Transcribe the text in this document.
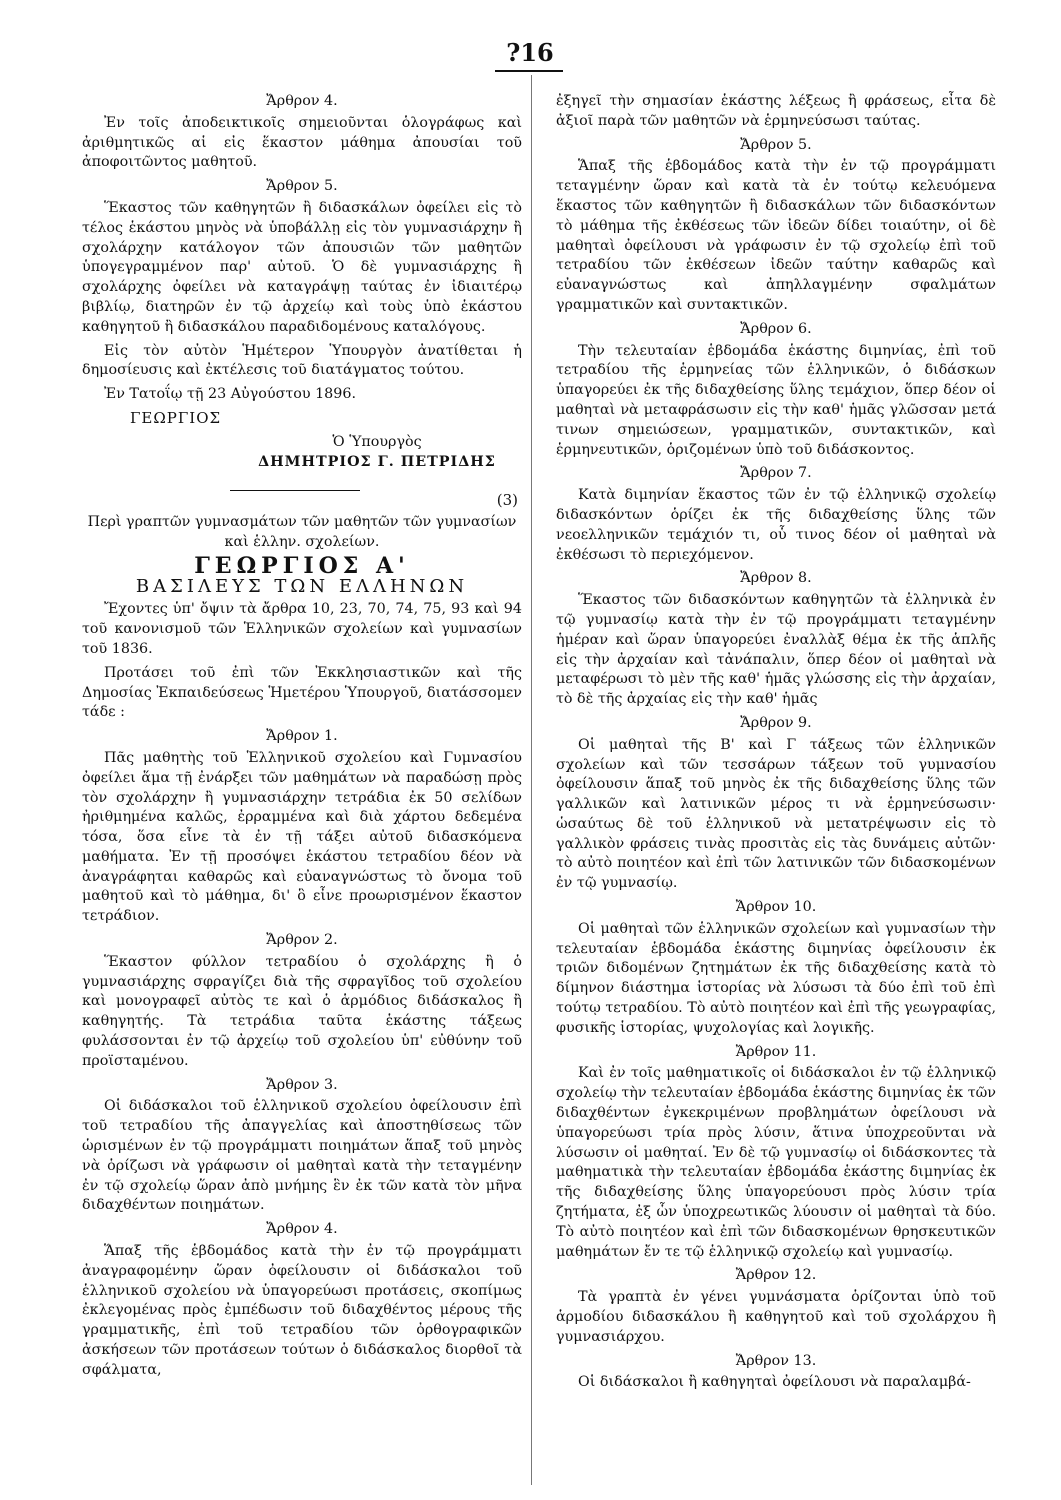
?16
Ἄρθρον 4.

Ἐν τοῖς ἀποδεικτικοῖς σημειοῦνται ὁλογράφως καὶ ἀριθμητικῶς αἱ εἰς ἕκαστον μάθημα ἀπουσίαι τοῦ ἀποφοιτῶντος μαθητοῦ.

Ἄρθρον 5.

Ἕκαστος τῶν καθηγητῶν ἢ διδασκάλων ὀφείλει εἰς τὸ τέλος ἑκάστου μηνὸς νὰ ὑποβάλλῃ εἰς τὸν γυμνασιάρχην ἢ σχολάρχην κατάλογον τῶν ἀπουσιῶν τῶν μαθητῶν ὑπογεγραμμένον παρ' αὐτοῦ. Ὁ δὲ γυμνασιάρχης ἢ σχολάρχης ὀφείλει νὰ καταγράψῃ ταύτας ἐν ἰδιαιτέρῳ βιβλίῳ, διατηρῶν ἐν τῷ ἀρχείῳ καὶ τοὺς ὑπὸ ἑκάστου καθηγητοῦ ἢ διδασκάλου παραδιδομένους καταλόγους.

Εἰς τὸν αὐτὸν Ἡμέτερον Ὑπουργὸν ἀνατίθεται ἡ δημοσίευσις καὶ ἐκτέλεσις τοῦ διατάγματος τούτου.

Ἐν Τατοΐῳ τῇ 23 Αὐγούστου 1896.

ΓΕΩΡΓΙΟΣ
Ὁ Ὑπουργὸς
ΔΗΜΗΤΡΙΟΣ Γ. ΠΕΤΡΙΔΗΣ
(3)
Περὶ γραπτῶν γυμνασμάτων τῶν μαθητῶν τῶν γυμνασίων καὶ ἑλλην. σχολείων.
ΓΕΩΡΓΙΟΣ Α'
ΒΑΣΙΛΕΥΣ ΤΩΝ ΕΛΛΗΝΩΝ

Ἔχοντες ὑπ' ὄψιν τὰ ἄρθρα 10, 23, 70, 74, 75, 93 καὶ 94 τοῦ κανονισμοῦ τῶν Ἑλληνικῶν σχολείων καὶ γυμνασίων τοῦ 1836.

Προτάσει τοῦ ἐπὶ τῶν Ἐκκλησιαστικῶν καὶ τῆς Δημοσίας Ἐκπαιδεύσεως Ἡμετέρου Ὑπουργοῦ, διατάσσομεν τάδε :

Ἄρθρον 1.

Πᾶς μαθητὴς τοῦ Ἑλληνικοῦ σχολείου καὶ Γυμνασίου ὀφείλει ἅμα τῇ ἐνάρξει τῶν μαθημάτων νὰ παραδώσῃ πρὸς τὸν σχολάρχην ἢ γυμνασιάρχην τετράδια ἐκ 50 σελίδων ἠριθμημένα καλῶς, ἐρραμμένα καὶ διὰ χάρτου δεδεμένα τόσα, ὅσα εἶνε τὰ ἐν τῇ τάξει αὐτοῦ διδασκόμενα μαθήματα. Ἐν τῇ προσόψει ἑκάστου τετραδίου δέον νὰ ἀναγράφηται καθαρῶς καὶ εὐαναγνώστως τὸ ὄνομα τοῦ μαθητοῦ καὶ τὸ μάθημα, δι' ὃ εἶνε προωρισμένον ἕκαστον τετράδιον.

Ἄρθρον 2.

Ἕκαστον φύλλον τετραδίου ὁ σχολάρχης ἢ ὁ γυμνασιάρχης σφραγίζει διὰ τῆς σφραγῖδος τοῦ σχολείου καὶ μονογραφεῖ αὐτὸς τε καὶ ὁ ἁρμόδιος διδάσκαλος ἢ καθηγητής. Τὰ τετράδια ταῦτα ἑκάστης τάξεως φυλάσσονται ἐν τῷ ἀρχείῳ τοῦ σχολείου ὑπ' εὐθύνην τοῦ προϊσταμένου.

Ἄρθρον 3.

Οἱ διδάσκαλοι τοῦ ἑλληνικοῦ σχολείου ὀφείλουσιν ἐπὶ τοῦ τετραδίου τῆς ἀπαγγελίας καὶ ἀποστηθίσεως τῶν ὡρισμένων ἐν τῷ προγράμματι ποιημάτων ἅπαξ τοῦ μηνὸς νὰ ὁρίζωσι νὰ γράφωσιν οἱ μαθηταὶ κατὰ τὴν τεταγμένην ἐν τῷ σχολείῳ ὥραν ἀπὸ μνήμης ἓν ἐκ τῶν κατὰ τὸν μῆνα διδαχθέντων ποιημάτων.

Ἄρθρον 4.

Ἅπαξ τῆς ἑβδομάδος κατὰ τὴν ἐν τῷ προγράμματι ἀναγραφομένην ὥραν ὀφείλουσιν οἱ διδάσκαλοι τοῦ ἑλληνικοῦ σχολείου νὰ ὑπαγορεύωσι προτάσεις, σκοπίμως ἐκλεγομένας πρὸς ἐμπέδωσιν τοῦ διδαχθέντος μέρους τῆς γραμματικῆς, ἐπὶ τοῦ τετραδίου τῶν ὀρθογραφικῶν ἀσκήσεων τῶν προτάσεων τούτων ὁ διδάσκαλος διορθοῖ τὰ σφάλματα,

ἐξηγεῖ τὴν σημασίαν ἑκάστης λέξεως ἢ φράσεως, εἶτα δὲ ἀξιοῖ παρὰ τῶν μαθητῶν νὰ ἑρμηνεύσωσι ταύτας.

Ἄρθρον 5.

Ἅπαξ τῆς ἑβδομάδος κατὰ τὴν ἐν τῷ προγράμματι τεταγμένην ὥραν καὶ κατὰ τὰ ἐν τούτῳ κελευόμενα ἕκαστος τῶν καθηγητῶν ἢ διδασκάλων τῶν διδασκόντων τὸ μάθημα τῆς ἐκθέσεως τῶν ἰδεῶν δίδει τοιαύτην, οἱ δὲ μαθηταὶ ὀφείλουσι νὰ γράφωσιν ἐν τῷ σχολείῳ ἐπὶ τοῦ τετραδίου τῶν ἐκθέσεων ἰδεῶν ταύτην καθαρῶς καὶ εὐαναγνώστως καὶ ἀπηλλαγμένην σφαλμάτων γραμματικῶν καὶ συντακτικῶν.

Ἄρθρον 6.

Τὴν τελευταίαν ἑβδομάδα ἑκάστης διμηνίας, ἐπὶ τοῦ τετραδίου τῆς ἑρμηνείας τῶν ἑλληνικῶν, ὁ διδάσκων ὑπαγορεύει ἐκ τῆς διδαχθείσης ὕλης τεμάχιον, ὅπερ δέον οἱ μαθηταὶ νὰ μεταφράσωσιν εἰς τὴν καθ' ἡμᾶς γλῶσσαν μετά τινων σημειώσεων, γραμματικῶν, συντακτικῶν, καὶ ἑρμηνευτικῶν, ὁριζομένων ὑπὸ τοῦ διδάσκοντος.

Ἄρθρον 7.

Κατὰ διμηνίαν ἕκαστος τῶν ἐν τῷ ἑλληνικῷ σχολείῳ διδασκόντων ὁρίζει ἐκ τῆς διδαχθείσης ὕλης τῶν νεοελληνικῶν τεμάχιόν τι, οὗ τινος δέον οἱ μαθηταὶ νὰ ἐκθέσωσι τὸ περιεχόμενον.

Ἄρθρον 8.

Ἕκαστος τῶν διδασκόντων καθηγητῶν τὰ ἑλληνικὰ ἐν τῷ γυμνασίῳ κατὰ τὴν ἐν τῷ προγράμματι τεταγμένην ἡμέραν καὶ ὥραν ὑπαγορεύει ἐναλλὰξ θέμα ἐκ τῆς ἁπλῆς εἰς τὴν ἀρχαίαν καὶ τἀνάπαλιν, ὅπερ δέον οἱ μαθηταὶ νὰ μεταφέρωσι τὸ μὲν τῆς καθ' ἡμᾶς γλώσσης εἰς τὴν ἀρχαίαν, τὸ δὲ τῆς ἀρχαίας εἰς τὴν καθ' ἡμᾶς

Ἄρθρον 9.

Οἱ μαθηταὶ τῆς Β' καὶ Γ τάξεως τῶν ἑλληνικῶν σχολείων καὶ τῶν τεσσάρων τάξεων τοῦ γυμνασίου ὀφείλουσιν ἅπαξ τοῦ μηνὸς ἐκ τῆς διδαχθείσης ὕλης τῶν γαλλικῶν καὶ λατινικῶν μέρος τι νὰ ἑρμηνεύσωσιν· ὡσαύτως δὲ τοῦ ἑλληνικοῦ νὰ μετατρέψωσιν εἰς τὸ γαλλικὸν φράσεις τινὰς προσιτὰς εἰς τὰς δυνάμεις αὐτῶν· τὸ αὐτὸ ποιητέον καὶ ἐπὶ τῶν λατινικῶν τῶν διδασκομένων ἐν τῷ γυμνασίῳ.

Ἄρθρον 10.

Οἱ μαθηταὶ τῶν ἑλληνικῶν σχολείων καὶ γυμνασίων τὴν τελευταίαν ἑβδομάδα ἑκάστης διμηνίας ὀφείλουσιν ἐκ τριῶν διδομένων ζητημάτων ἐκ τῆς διδαχθείσης κατὰ τὸ δίμηνον διάστημα ἱστορίας νὰ λύσωσι τὰ δύο ἐπὶ τοῦ ἐπὶ τούτῳ τετραδίου. Τὸ αὐτὸ ποιητέον καὶ ἐπὶ τῆς γεωγραφίας, φυσικῆς ἱστορίας, ψυχολογίας καὶ λογικῆς.

Ἄρθρον 11.

Καὶ ἐν τοῖς μαθηματικοῖς οἱ διδάσκαλοι ἐν τῷ ἑλληνικῷ σχολείῳ τὴν τελευταίαν ἑβδομάδα ἑκάστης διμηνίας ἐκ τῶν διδαχθέντων ἐγκεκριμένων προβλημάτων ὀφείλουσι νὰ ὑπαγορεύωσι τρία πρὸς λύσιν, ἅτινα ὑποχρεοῦνται νὰ λύσωσιν οἱ μαθηταί. Ἐν δὲ τῷ γυμνασίῳ οἱ διδάσκοντες τὰ μαθηματικὰ τὴν τελευταίαν ἑβδομάδα ἑκάστης διμηνίας ἐκ τῆς διδαχθείσης ὕλης ὑπαγορεύουσι πρὸς λύσιν τρία ζητήματα, ἐξ ὧν ὑποχρεωτικῶς λύουσιν οἱ μαθηταὶ τὰ δύο. Τὸ αὐτὸ ποιητέον καὶ ἐπὶ τῶν διδασκομένων θρησκευτικῶν μαθημάτων ἔν τε τῷ ἑλληνικῷ σχολείῳ καὶ γυμνασίῳ.

Ἄρθρον 12.

Τὰ γραπτὰ ἐν γένει γυμνάσματα ὁρίζονται ὑπὸ τοῦ ἁρμοδίου διδασκάλου ἢ καθηγητοῦ καὶ τοῦ σχολάρχου ἢ γυμνασιάρχου.

Ἄρθρον 13.

Οἱ διδάσκαλοι ἢ καθηγηταὶ ὀφείλουσι νὰ παραλαμβά-
